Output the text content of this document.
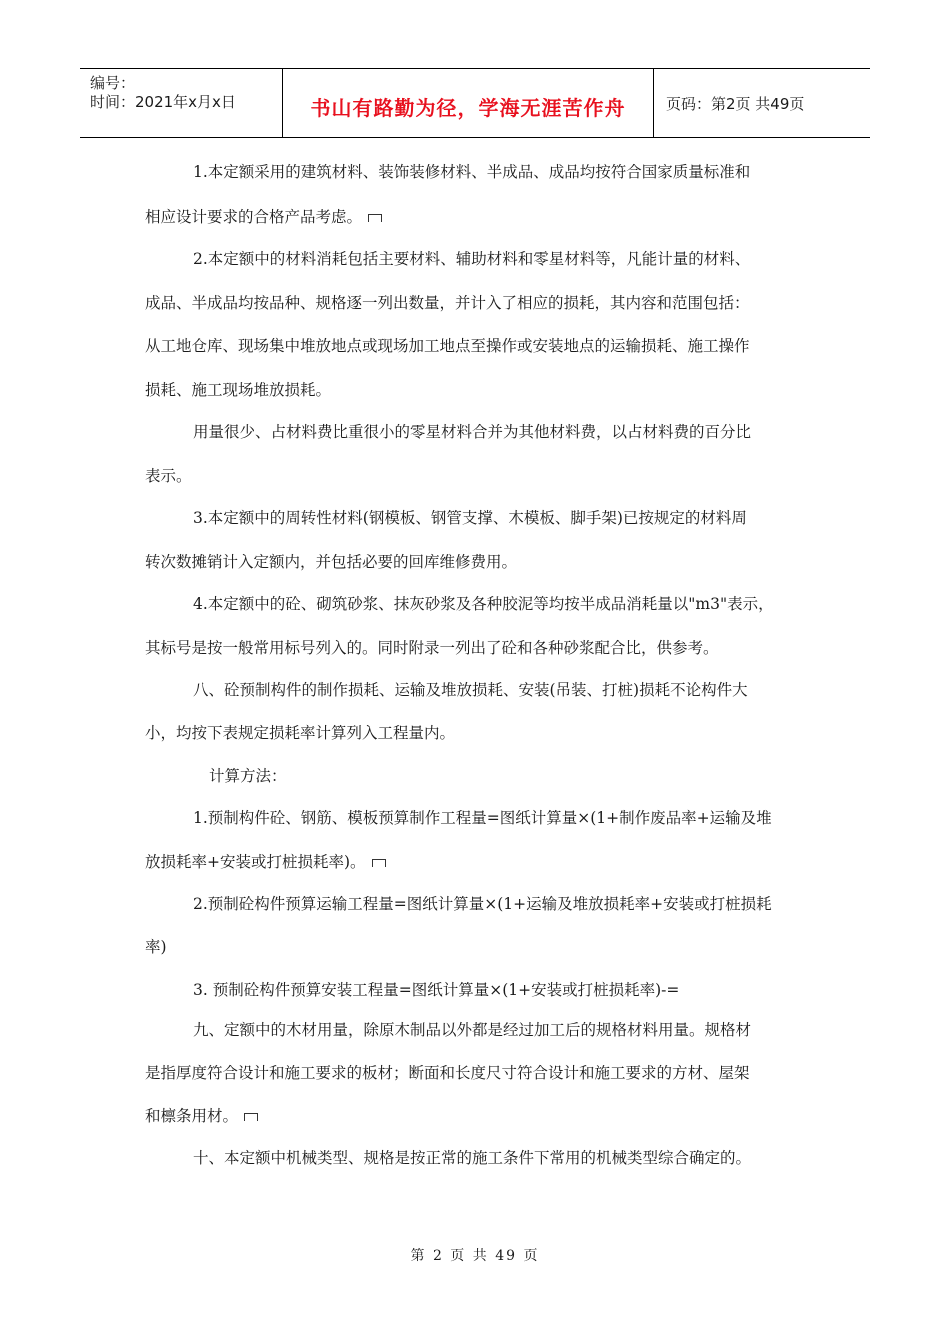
编号：
时间：2021年x月x日	书山有路勤为径，学海无涯苦作舟	页码：第2页 共49页
1.本定额采用的建筑材料、装饰装修材料、半成品、成品均按符合国家质量标准和
相应设计要求的合格产品考虑。
2.本定额中的材料消耗包括主要材料、辅助材料和零星材料等，凡能计量的材料、
成品、半成品均按品种、规格逐一列出数量，并计入了相应的损耗，其内容和范围包括：
从工地仓库、现场集中堆放地点或现场加工地点至操作或安装地点的运输损耗、施工操作
损耗、施工现场堆放损耗。
用量很少、占材料费比重很小的零星材料合并为其他材料费，以占材料费的百分比
表示。
3.本定额中的周转性材料(钢模板、钢管支撑、木模板、脚手架)已按规定的材料周
转次数摊销计入定额内，并包括必要的回库维修费用。
4.本定额中的砼、砌筑砂浆、抹灰砂浆及各种胶泥等均按半成品消耗量以"m3"表示，
其标号是按一般常用标号列入的。同时附录一列出了砼和各种砂浆配合比，供参考。
八、砼预制构件的制作损耗、运输及堆放损耗、安装(吊装、打桩)损耗不论构件大
小，均按下表规定损耗率计算列入工程量内。
计算方法：
1.预制构件砼、钢筋、模板预算制作工程量=图纸计算量×(1+制作废品率+运输及堆
放损耗率+安装或打桩损耗率)。
2.预制砼构件预算运输工程量=图纸计算量×(1+运输及堆放损耗率+安装或打桩损耗
率)
3. 预制砼构件预算安装工程量=图纸计算量×(1+安装或打桩损耗率)-=
九、定额中的木材用量，除原木制品以外都是经过加工后的规格材料用量。规格材
是指厚度符合设计和施工要求的板材；断面和长度尺寸符合设计和施工要求的方材、屋架
和檩条用材。
十、本定额中机械类型、规格是按正常的施工条件下常用的机械类型综合确定的。
第 2 页 共 49 页
